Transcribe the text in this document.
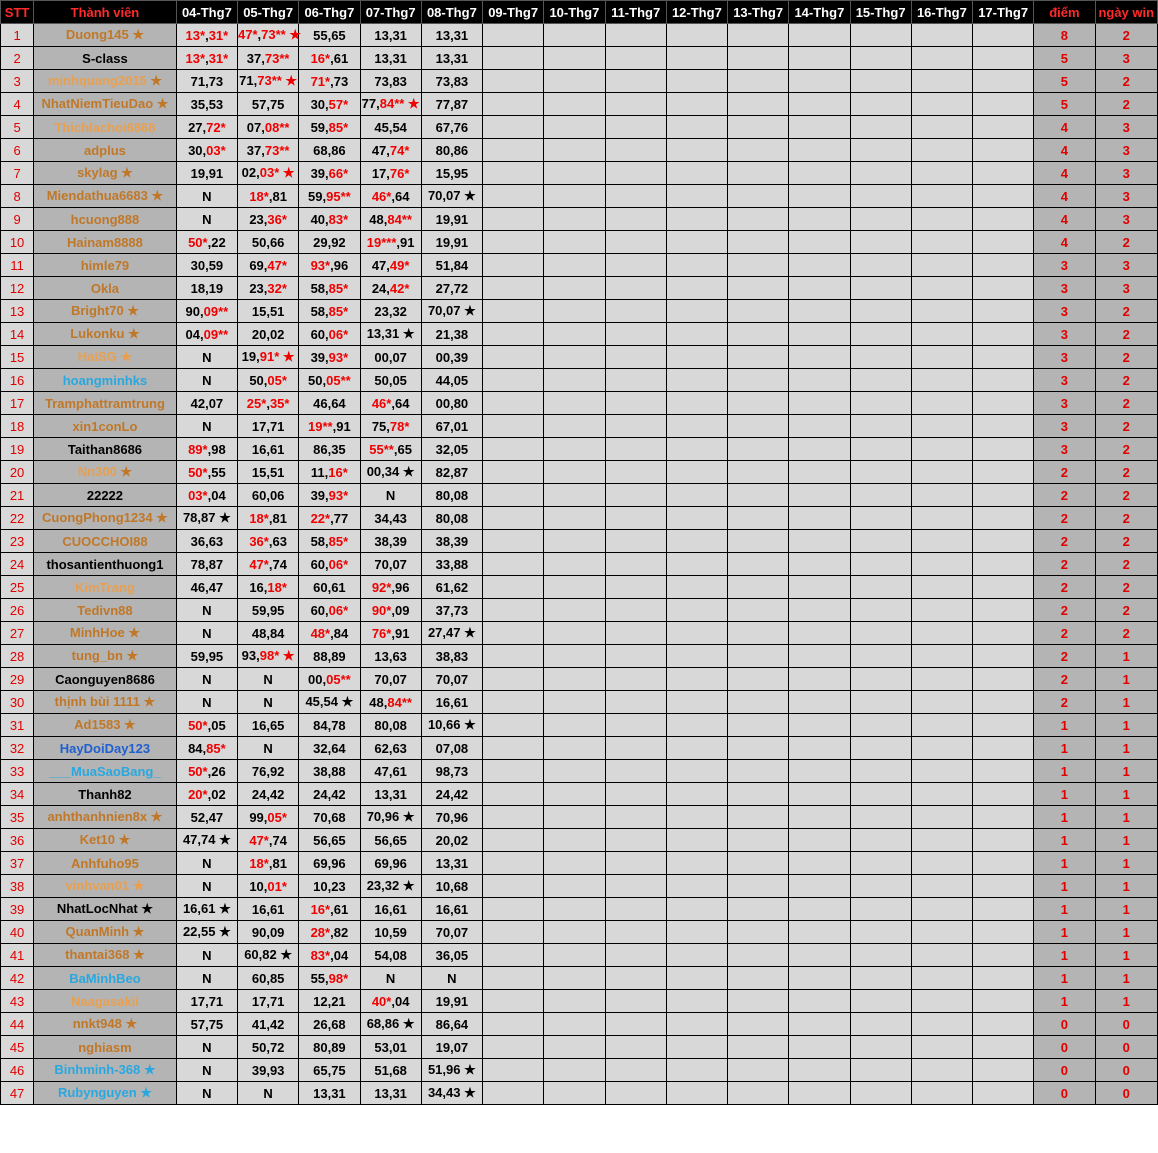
STT	Thành viên	04-Thg7	05-Thg7	06-Thg7	07-Thg7	08-Thg7	09-Thg7	10-Thg7	11-Thg7	12-Thg7	13-Thg7	14-Thg7	15-Thg7	16-Thg7	17-Thg7	điểm	ngày win
1	Duong145 ★	13*,31*	47*,73** ★	55,65	13,31	13,31										8	2
2	S-class	13*,31*	37,73**	16*,61	13,31	13,31										5	3
3	minhquang2015 ★	71,73	71,73** ★	71*,73	73,83	73,83										5	2
4	NhatNiemTieuDao ★	35,53	57,75	30,57*	77,84** ★	77,87										5	2
5	Thichlachoi6868	27,72*	07,08**	59,85*	45,54	67,76										4	3
6	adplus	30,03*	37,73**	68,86	47,74*	80,86										4	3
7	skylag ★	19,91	02,03* ★	39,66*	17,76*	15,95										4	3
8	Miendathua6683 ★	N	18*,81	59,95**	46*,64	70,07 ★										4	3
9	hcuong888	N	23,36*	40,83*	48,84**	19,91										4	3
10	Hainam8888	50*,22	50,66	29,92	19***,91	19,91										4	2
11	himle79	30,59	69,47*	93*,96	47,49*	51,84										3	3
12	Okla	18,19	23,32*	58,85*	24,42*	27,72										3	3
13	Bright70 ★	90,09**	15,51	58,85*	23,32	70,07 ★										3	2
14	Lukonku ★	04,09**	20,02	60,06*	13,31 ★	21,38										3	2
15	HaiSG ★	N	19,91* ★	39,93*	00,07	00,39										3	2
16	hoangminhks	N	50,05*	50,05**	50,05	44,05										3	2
17	Tramphattramtrung	42,07	25*,35*	46,64	46*,64	00,80										3	2
18	xin1conLo	N	17,71	19**,91	75,78*	67,01										3	2
19	Taithan8686	89*,98	16,61	86,35	55**,65	32,05										3	2
20	Nn300 ★	50*,55	15,51	11,16*	00,34 ★	82,87										2	2
21	22222	03*,04	60,06	39,93*	N	80,08										2	2
22	CuongPhong1234 ★	78,87 ★	18*,81	22*,77	34,43	80,08										2	2
23	CUOCCHOI88	36,63	36*,63	58,85*	38,39	38,39										2	2
24	thosantienthuong1	78,87	47*,74	60,06*	70,07	33,88										2	2
25	KimTrang	46,47	16,18*	60,61	92*,96	61,62										2	2
26	Tedivn88	N	59,95	60,06*	90*,09	37,73										2	2
27	MinhHoe ★	N	48,84	48*,84	76*,91	27,47 ★										2	2
28	tung_bn ★	59,95	93,98* ★	88,89	13,63	38,83										2	1
29	Caonguyen8686	N	N	00,05**	70,07	70,07										2	1
30	thịnh bùi 1111 ★	N	N	45,54 ★	48,84**	16,61										2	1
31	Ad1583 ★	50*,05	16,65	84,78	80,08	10,66 ★										1	1
32	HayDoiDay123	84,85*	N	32,64	62,63	07,08										1	1
33	___MuaSaoBang_	50*,26	76,92	38,88	47,61	98,73										1	1
34	Thanh82	20*,02	24,42	24,42	13,31	24,42										1	1
35	anhthanhnien8x ★	52,47	99,05*	70,68	70,96 ★	70,96										1	1
36	Ket10 ★	47,74 ★	47*,74	56,65	56,65	20,02										1	1
37	Anhfuho95	N	18*,81	69,96	69,96	13,31										1	1
38	vinhvan01 ★	N	10,01*	10,23	23,32 ★	10,68										1	1
39	NhatLocNhat ★	16,61 ★	16,61	16*,61	16,61	16,61										1	1
40	QuanMinh ★	22,55 ★	90,09	28*,82	10,59	70,07										1	1
41	thantai368 ★	N	60,82 ★	83*,04	54,08	36,05										1	1
42	BaMinhBeo	N	60,85	55,98*	N	N										1	1
43	Naagasakii	17,71	17,71	12,21	40*,04	19,91										1	1
44	nnkt948 ★	57,75	41,42	26,68	68,86 ★	86,64										0	0
45	nghiasm	N	50,72	80,89	53,01	19,07										0	0
46	Binhminh-368 ★	N	39,93	65,75	51,68	51,96 ★										0	0
47	Rubynguyen ★	N	N	13,31	13,31	34,43 ★										0	0
